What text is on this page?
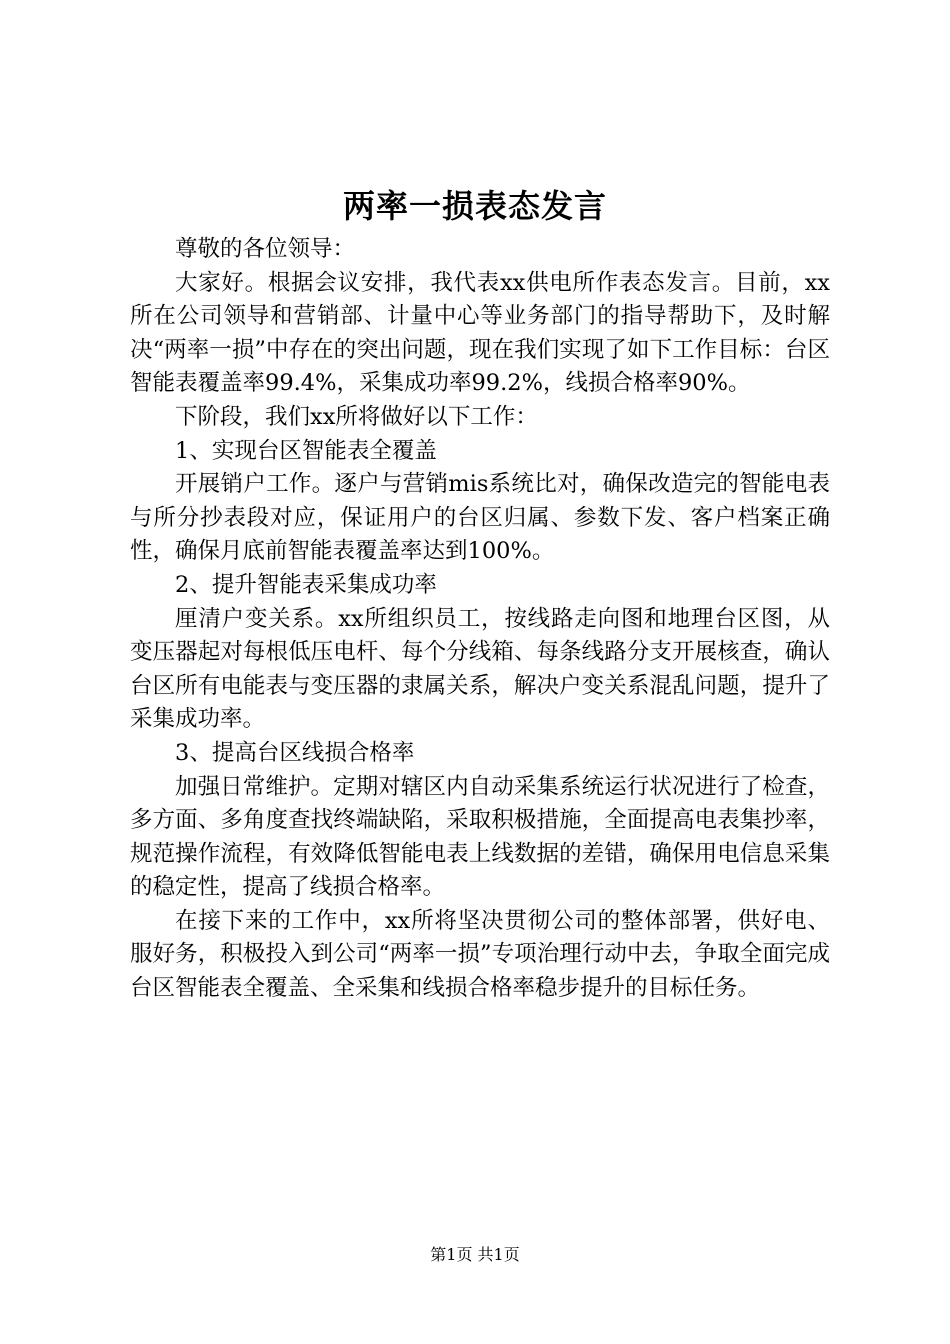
两率一损表态发言

尊敬的各位领导：

大家好。根据会议安排，我代表xx供电所作表态发言。目前，xx所在公司领导和营销部、计量中心等业务部门的指导帮助下，及时解决“两率一损”中存在的突出问题，现在我们实现了如下工作目标：台区智能表覆盖率99.4%，采集成功率99.2%，线损合格率90%。

下阶段，我们xx所将做好以下工作：

1、实现台区智能表全覆盖

开展销户工作。逐户与营销mis系统比对，确保改造完的智能电表与所分抄表段对应，保证用户的台区归属、参数下发、客户档案正确性，确保月底前智能表覆盖率达到100%。

2、提升智能表采集成功率

厘清户变关系。xx所组织员工，按线路走向图和地理台区图，从变压器起对每根低压电杆、每个分线箱、每条线路分支开展核查，确认台区所有电能表与变压器的隶属关系，解决户变关系混乱问题，提升了采集成功率。

3、提高台区线损合格率

加强日常维护。定期对辖区内自动采集系统运行状况进行了检查，多方面、多角度查找终端缺陷，采取积极措施，全面提高电表集抄率，规范操作流程，有效降低智能电表上线数据的差错，确保用电信息采集的稳定性，提高了线损合格率。

在接下来的工作中，xx所将坚决贯彻公司的整体部署，供好电、服好务，积极投入到公司“两率一损”专项治理行动中去，争取全面完成台区智能表全覆盖、全采集和线损合格率稳步提升的目标任务。

第1页 共1页
